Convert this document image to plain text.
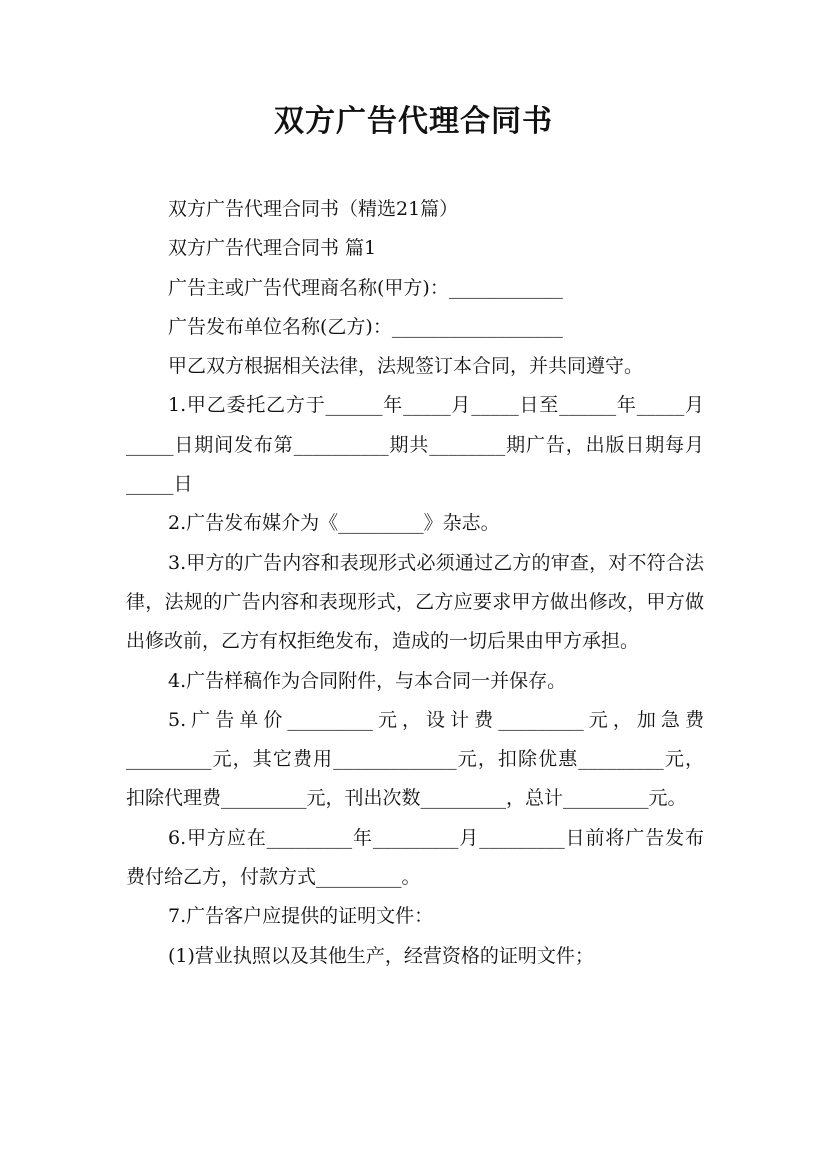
双方广告代理合同书

双方广告代理合同书（精选21篇）

双方广告代理合同书 篇1

广告主或广告代理商名称(甲方)：____________

广告发布单位名称(乙方)：__________________

甲乙双方根据相关法律，法规签订本合同，并共同遵守。

1.甲乙委托乙方于______年_____月_____日至______年_____月_____日期间发布第__________期共________期广告，出版日期每月_____日

2.广告发布媒介为《_________》杂志。

3.甲方的广告内容和表现形式必须通过乙方的审查，对不符合法律，法规的广告内容和表现形式，乙方应要求甲方做出修改，甲方做出修改前，乙方有权拒绝发布，造成的一切后果由甲方承担。

4.广告样稿作为合同附件，与本合同一并保存。

5.广告单价_________元，设计费_________元，加急费_________元，其它费用_____________元，扣除优惠_________元，扣除代理费_________元，刊出次数_________，总计_________元。

6.甲方应在_________年_________月_________日前将广告发布费付给乙方，付款方式_________。

7.广告客户应提供的证明文件：

(1)营业执照以及其他生产，经营资格的证明文件；
